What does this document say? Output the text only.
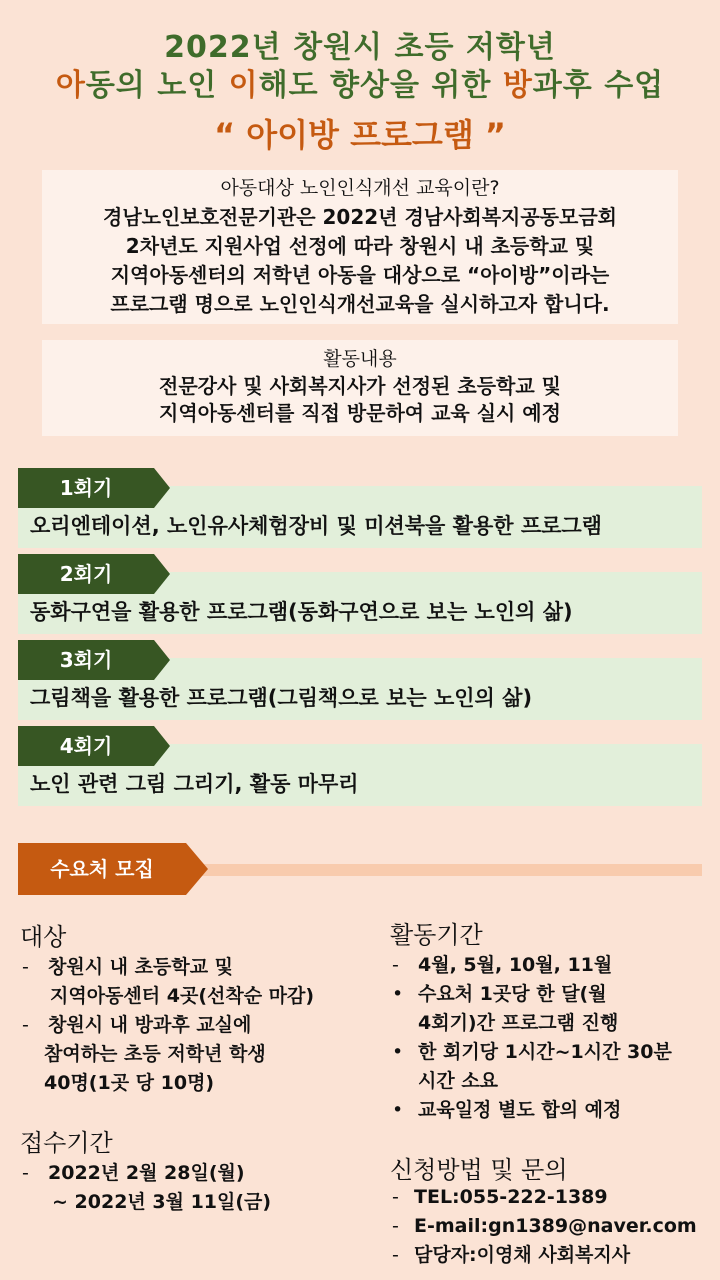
2022년 창원시 초등 저학년
아동의 노인 이해도 향상을 위한 방과후 수업
“ 아이방 프로그램 ”
아동대상 노인인식개선 교육이란?
경남노인보호전문기관은 2022년 경남사회복지공동모금회
2차년도 지원사업 선정에 따라 창원시 내 초등학교 및
지역아동센터의 저학년 아동을 대상으로 “아이방”이라는
프로그램 명으로 노인인식개선교육을 실시하고자 합니다.
활동내용
전문강사 및 사회복지사가 선정된 초등학교 및
지역아동센터를 직접 방문하여 교육 실시 예정
1회기
오리엔테이션, 노인유사체험장비 및 미션북을 활용한 프로그램
2회기
동화구연을 활용한 프로그램(동화구연으로 보는 노인의 삶)
3회기
그림책을 활용한 프로그램(그림책으로 보는 노인의 삶)
4회기
노인 관련 그림 그리기, 활동 마무리
수요처 모집
대상
- 창원시 내 초등학교 및
지역아동센터 4곳(선착순 마감)
- 창원시 내 방과후 교실에
참여하는 초등 저학년 학생
40명(1곳 당 10명)
접수기간
- 2022년 2월 28일(월)
~ 2022년 3월 11일(금)
활동기간
- 4월, 5월, 10월, 11월
• 수요처 1곳당 한 달(월
4회기)간 프로그램 진행
• 한 회기당 1시간~1시간 30분
시간 소요
• 교육일정 별도 합의 예정
신청방법 및 문의
- TEL:055-222-1389
- E-mail:gn1389@naver.com
- 담당자:이영채 사회복지사
